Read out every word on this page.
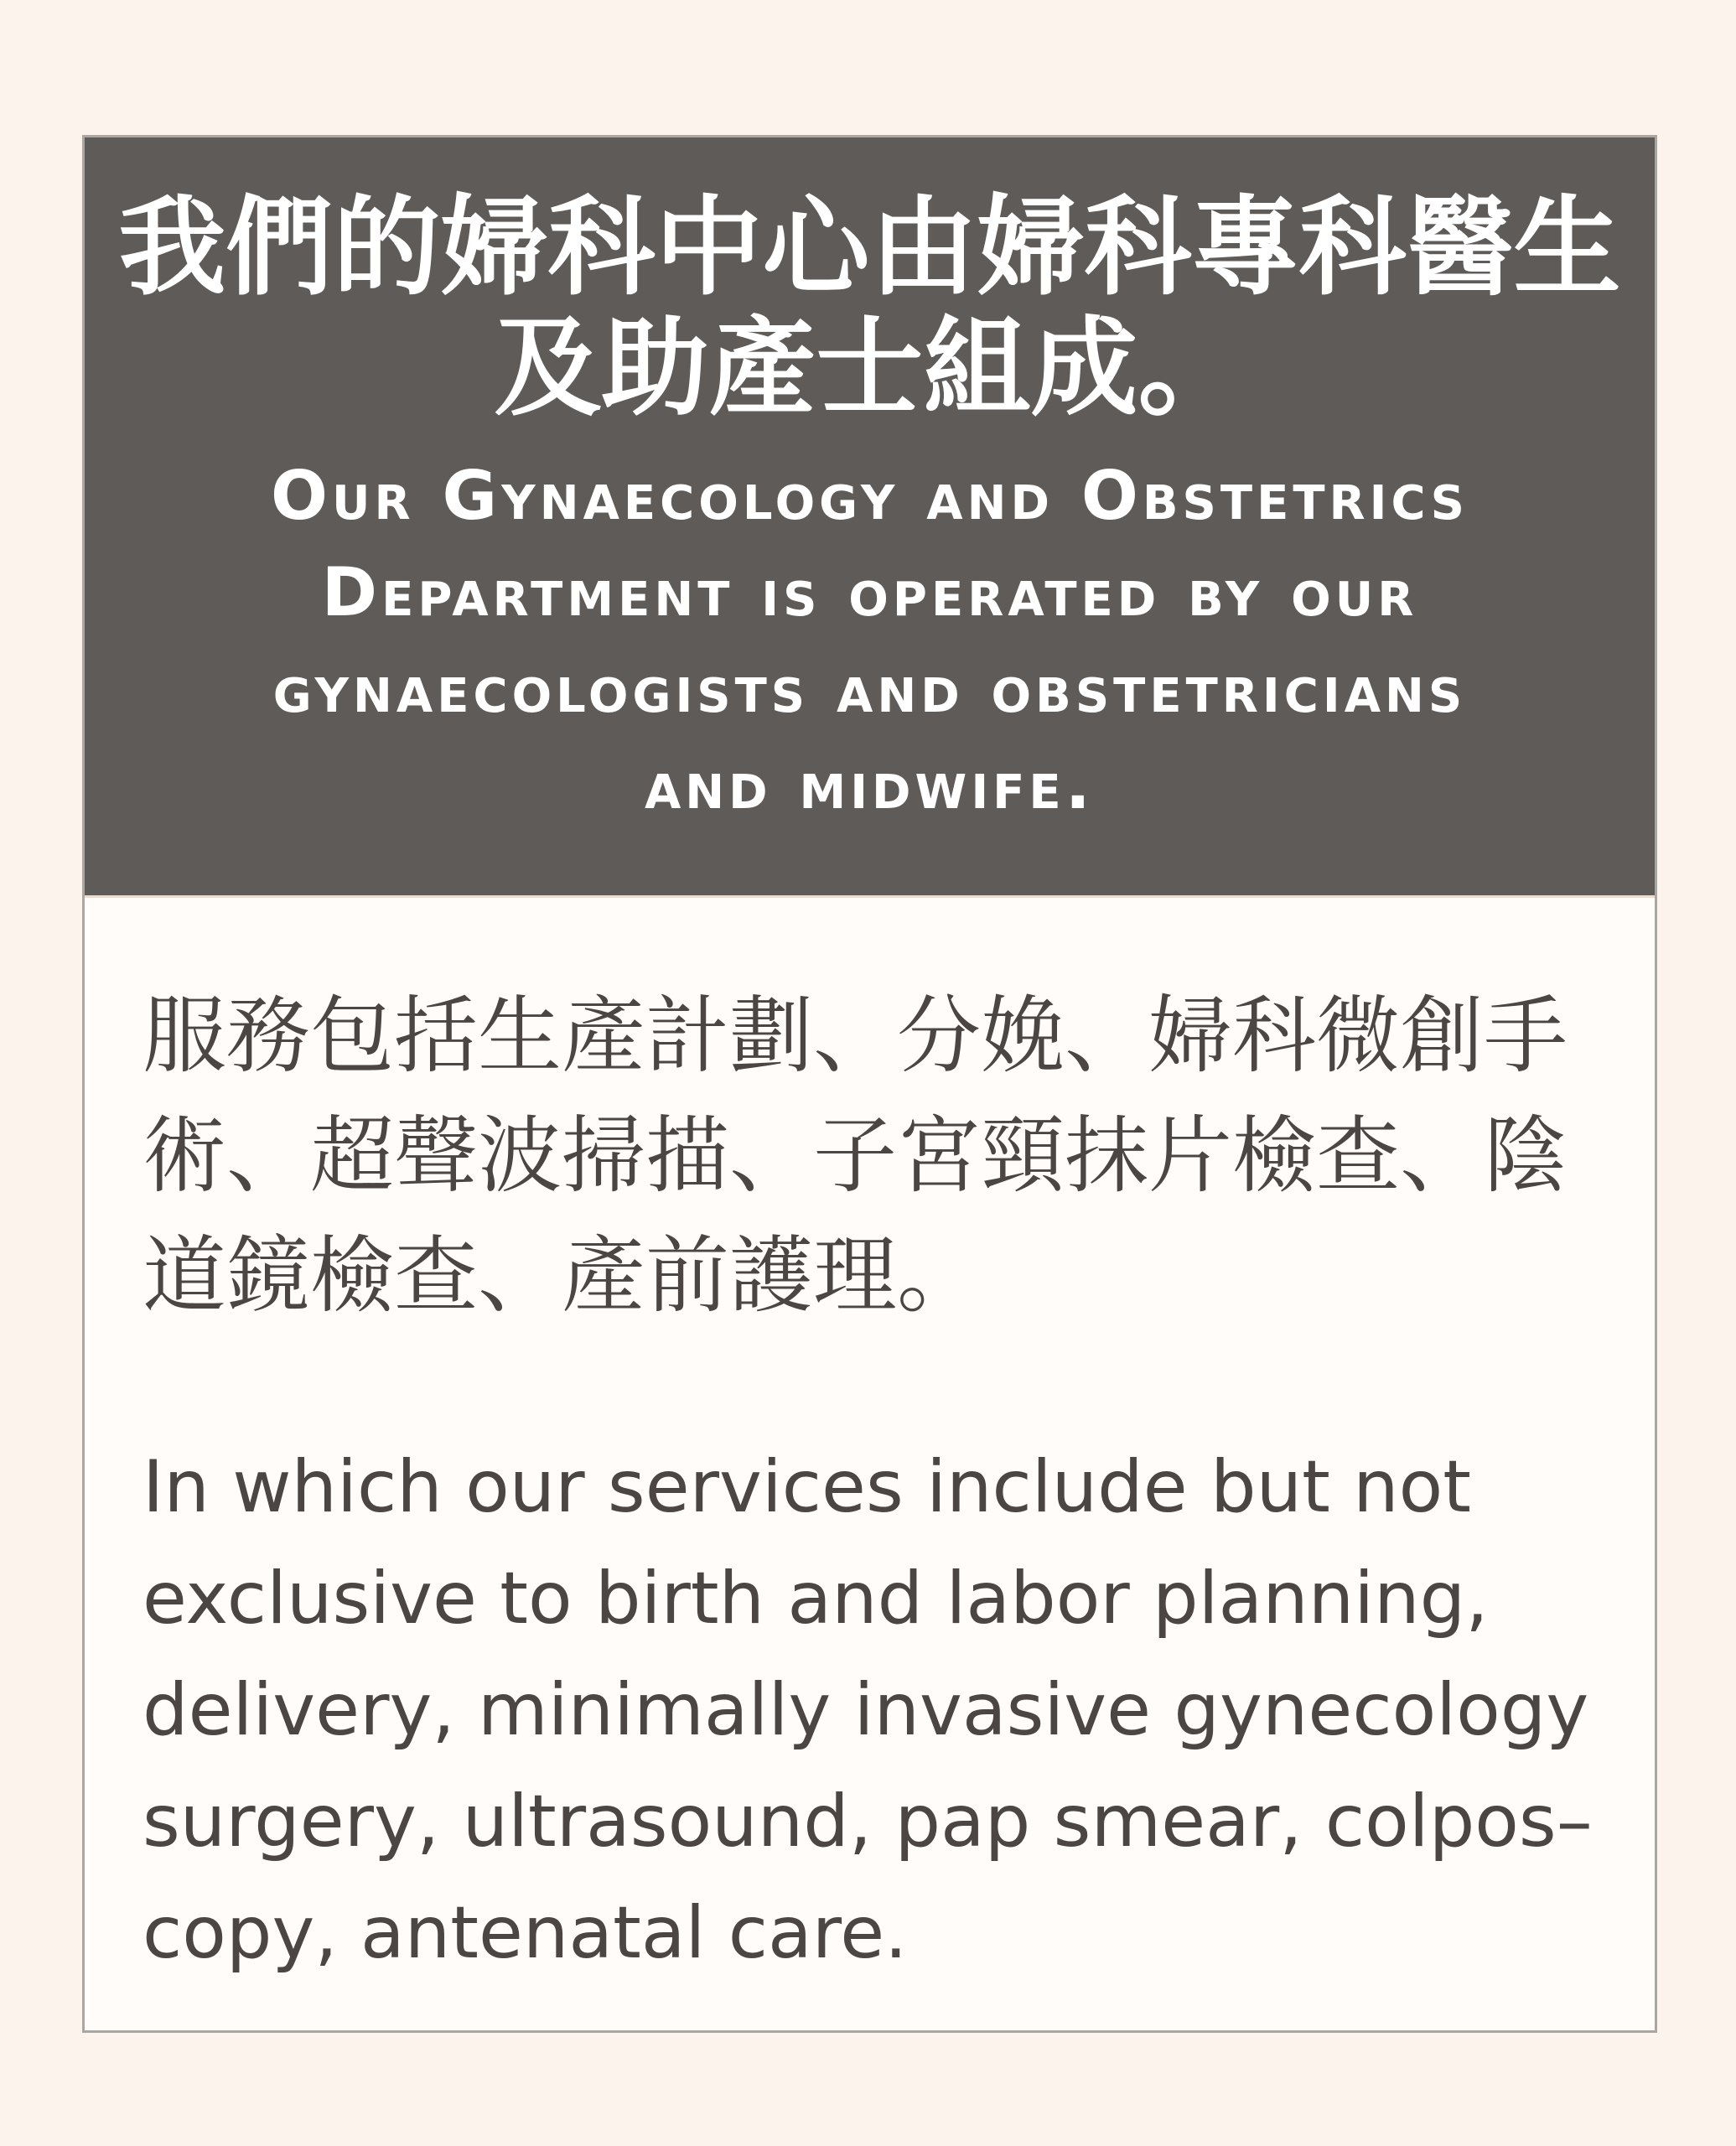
我們的婦科中心由婦科專科醫生
及助產士組成。
Our Gynaecology and Obstetrics
Department is operated by our
gynaecologists and obstetricians
and midwife.

服務包括生產計劃、分娩、婦科微創手
術、超聲波掃描、子宮頸抹片檢查、陰
道鏡檢查、產前護理。

In which our services include but not
exclusive to birth and labor planning,
delivery, minimally invasive gynecology
surgery, ultrasound, pap smear, colpos–
copy, antenatal care.
